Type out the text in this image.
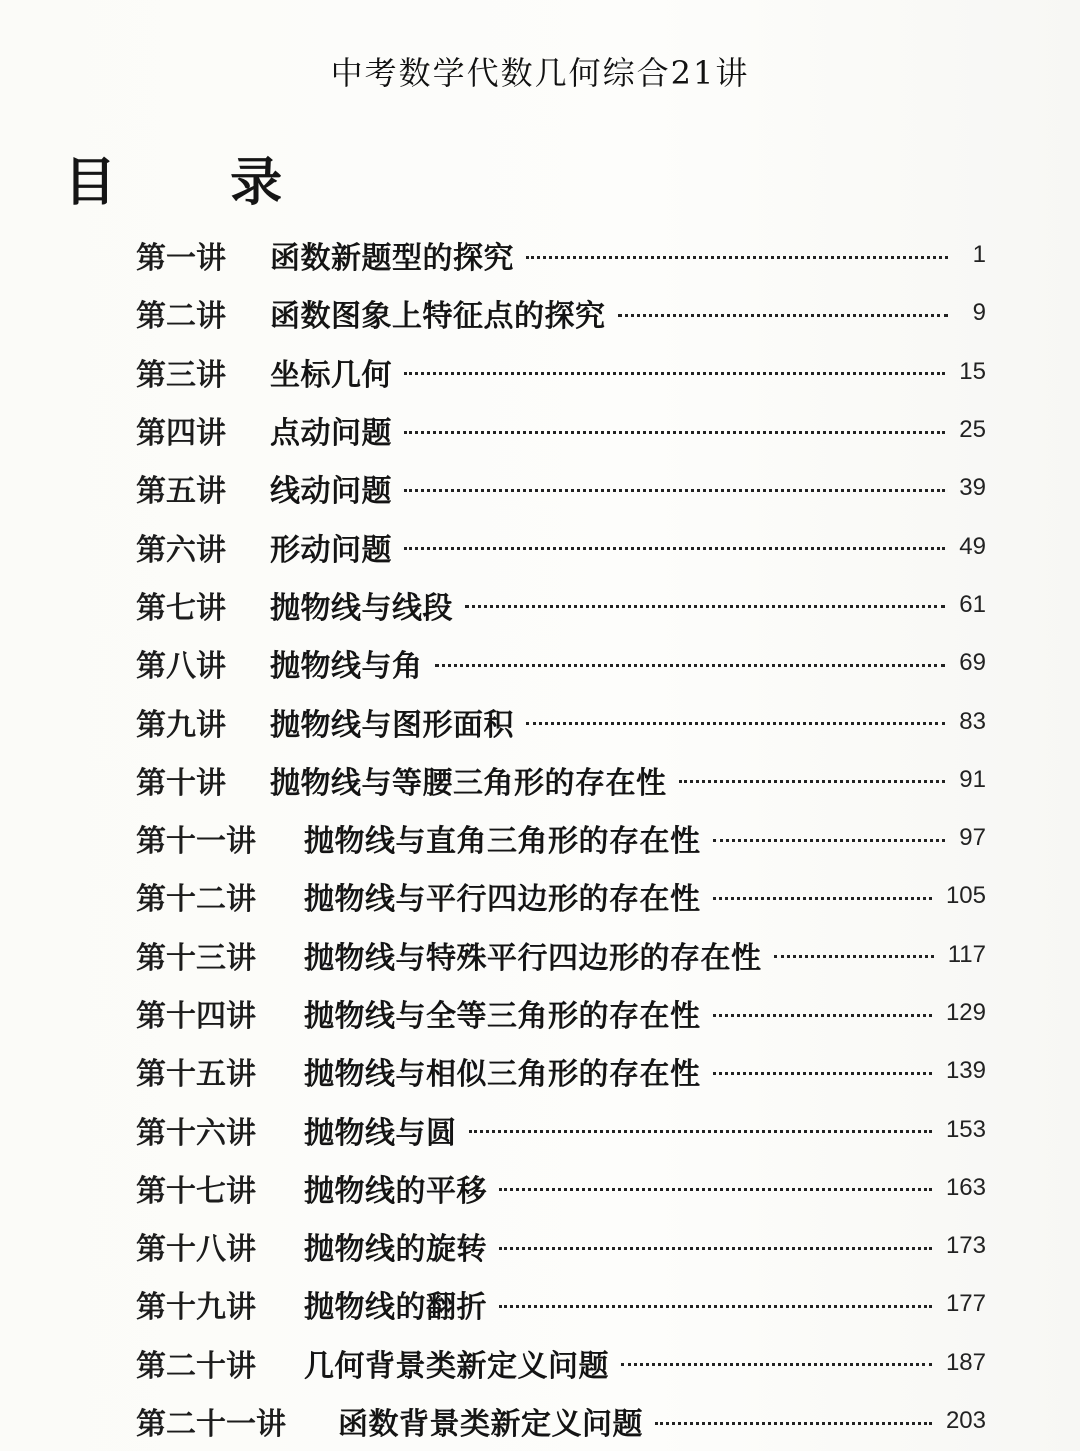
中考数学代数几何综合21讲
目 录
第一讲	函数新题型的探究	1
第二讲	函数图象上特征点的探究	9
第三讲	坐标几何	15
第四讲	点动问题	25
第五讲	线动问题	39
第六讲	形动问题	49
第七讲	抛物线与线段	61
第八讲	抛物线与角	69
第九讲	抛物线与图形面积	83
第十讲	抛物线与等腰三角形的存在性	91
第十一讲	抛物线与直角三角形的存在性	97
第十二讲	抛物线与平行四边形的存在性	105
第十三讲	抛物线与特殊平行四边形的存在性	117
第十四讲	抛物线与全等三角形的存在性	129
第十五讲	抛物线与相似三角形的存在性	139
第十六讲	抛物线与圆	153
第十七讲	抛物线的平移	163
第十八讲	抛物线的旋转	173
第十九讲	抛物线的翻折	177
第二十讲	几何背景类新定义问题	187
第二十一讲	函数背景类新定义问题	203
